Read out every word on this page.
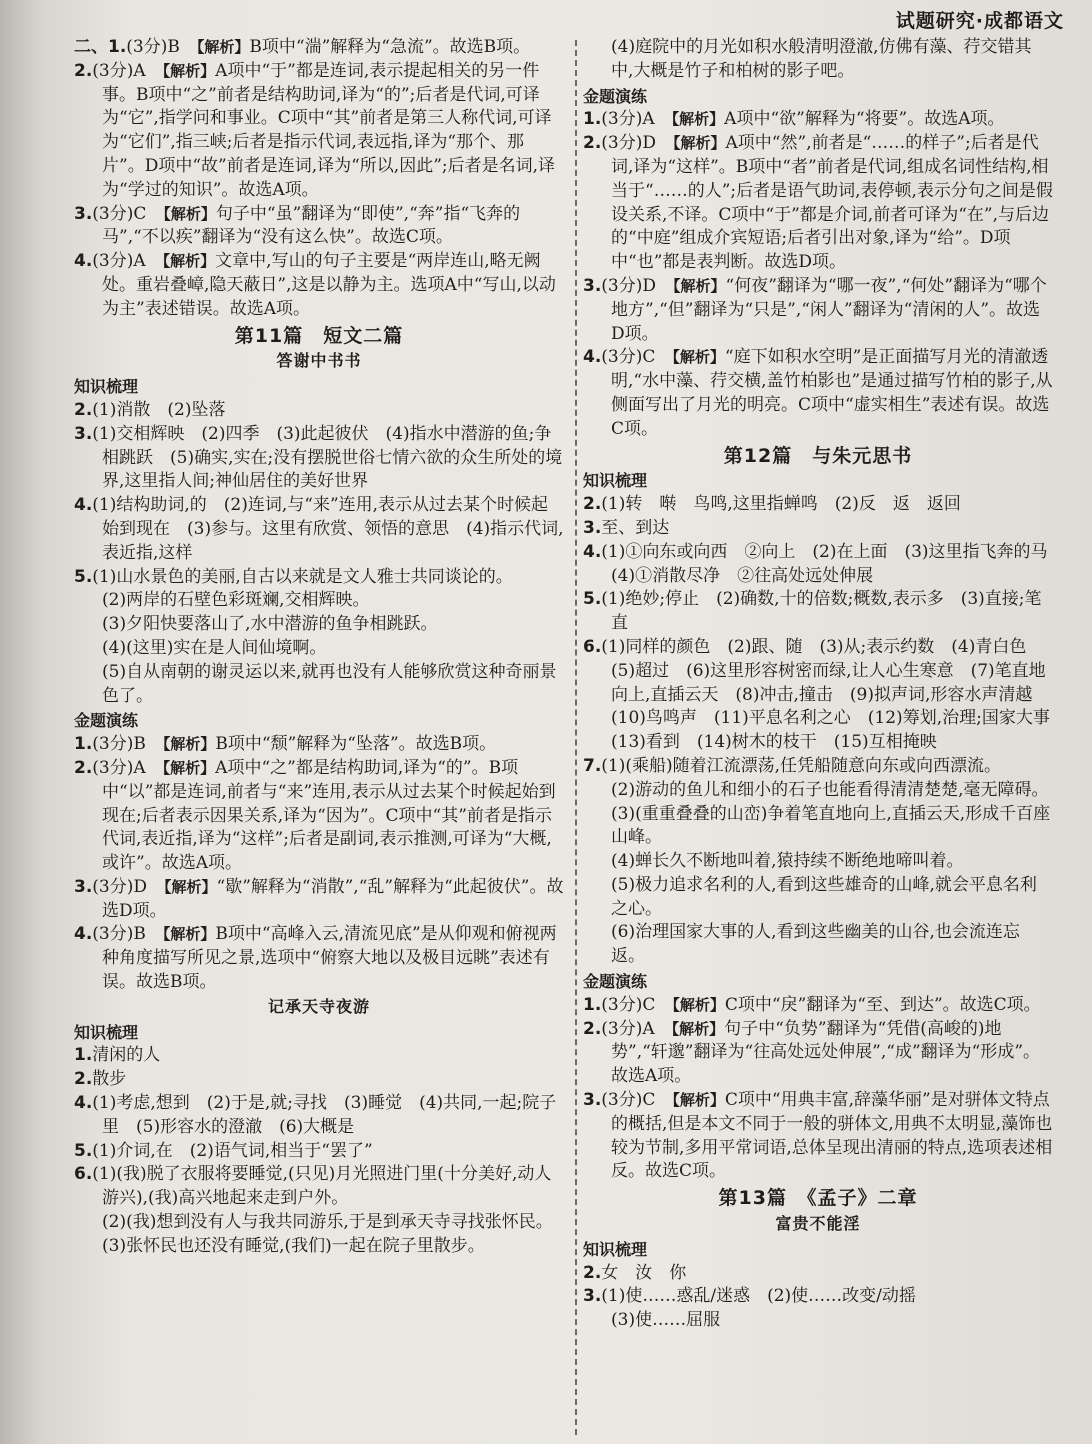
试题研究·成都语文

二、1.(3分)B　 【解析】B项中“湍”解释为“急流”。故选B项。

2.(3分)A　 【解析】A项中“于”都是连词,表示提起相关的另一件事。B项中“之”前者是结构助词,译为“的”;后者是代词,可译为“它”,指学问和事业。C项中“其”前者是第三人称代词,可译为“它们”,指三峡;后者是指示代词,表远指,译为“那个、那片”。D项中“故”前者是连词,译为“所以,因此”;后者是名词,译为“学过的知识”。故选A项。

3.(3分)C　 【解析】句子中“虽”翻译为“即使”,“奔”指“飞奔的马”,“不以疾”翻译为“没有这么快”。故选C项。

4.(3分)A　 【解析】文章中,写山的句子主要是“两岸连山,略无阙处。重岩叠嶂,隐天蔽日”,这是以静为主。选项A中“写山,以动为主”表述错误。故选A项。

第11篇　短文二篇
答谢中书书
知识梳理

2.(1)消散　(2)坠落

3.(1)交相辉映　(2)四季　(3)此起彼伏　(4)指水中潜游的鱼;争相跳跃　(5)确实,实在;没有摆脱世俗七情六欲的众生所处的境界,这里指人间;神仙居住的美好世界

4.(1)结构助词,的　(2)连词,与“来”连用,表示从过去某个时候起始到现在　(3)参与。这里有欣赏、领悟的意思　(4)指示代词,表近指,这样

5.(1)山水景色的美丽,自古以来就是文人雅士共同谈论的。

(2)两岸的石壁色彩斑斓,交相辉映。

(3)夕阳快要落山了,水中潜游的鱼争相跳跃。

(4)(这里)实在是人间仙境啊。

(5)自从南朝的谢灵运以来,就再也没有人能够欣赏这种奇丽景色了。

金题演练

1.(3分)B　 【解析】B项中“颓”解释为“坠落”。故选B项。

2.(3分)A　 【解析】A项中“之”都是结构助词,译为“的”。B项中“以”都是连词,前者与“来”连用,表示从过去某个时候起始到现在;后者表示因果关系,译为“因为”。C项中“其”前者是指示代词,表近指,译为“这样”;后者是副词,表示推测,可译为“大概,或许”。故选A项。

3.(3分)D　 【解析】“歇”解释为“消散”,“乱”解释为“此起彼伏”。故选D项。

4.(3分)B　 【解析】B项中“高峰入云,清流见底”是从仰观和俯视两种角度描写所见之景,选项中“俯察大地以及极目远眺”表述有误。故选B项。

记承天寺夜游
知识梳理

1.清闲的人

2.散步

4.(1)考虑,想到　(2)于是,就;寻找　(3)睡觉　(4)共同,一起;院子里　(5)形容水的澄澈　(6)大概是

5.(1)介词,在　(2)语气词,相当于“罢了”

6.(1)(我)脱了衣服将要睡觉,(只见)月光照进门里(十分美好,动人游兴),(我)高兴地起来走到户外。

(2)(我)想到没有人与我共同游乐,于是到承天寺寻找张怀民。

(3)张怀民也还没有睡觉,(我们)一起在院子里散步。

(4)庭院中的月光如积水般清明澄澈,仿佛有藻、荇交错其中,大概是竹子和柏树的影子吧。

金题演练

1.(3分)A　 【解析】A项中“欲”解释为“将要”。故选A项。

2.(3分)D　 【解析】A项中“然”,前者是“……的样子”;后者是代词,译为“这样”。B项中“者”前者是代词,组成名词性结构,相当于“……的人”;后者是语气助词,表停顿,表示分句之间是假设关系,不译。C项中“于”都是介词,前者可译为“在”,与后边的“中庭”组成介宾短语;后者引出对象,译为“给”。D项中“也”都是表判断。故选D项。

3.(3分)D　 【解析】“何夜”翻译为“哪一夜”,“何处”翻译为“哪个地方”,“但”翻译为“只是”,“闲人”翻译为“清闲的人”。故选D项。

4.(3分)C　 【解析】“庭下如积水空明”是正面描写月光的清澈透明,“水中藻、荇交横,盖竹柏影也”是通过描写竹柏的影子,从侧面写出了月光的明亮。C项中“虚实相生”表述有误。故选C项。

第12篇　与朱元思书
知识梳理

2.(1)转　啭　鸟鸣,这里指蝉鸣　(2)反　返　返回

3.至、到达

4.(1)①向东或向西　②向上　(2)在上面　(3)这里指飞奔的马　(4)①消散尽净　②往高处远处伸展

5.(1)绝妙;停止　(2)确数,十的倍数;概数,表示多　(3)直接;笔直

6.(1)同样的颜色　(2)跟、随　(3)从;表示约数　(4)青白色　(5)超过　(6)这里形容树密而绿,让人心生寒意　(7)笔直地向上,直插云天　(8)冲击,撞击　(9)拟声词,形容水声清越　(10)鸟鸣声　(11)平息名利之心　(12)筹划,治理;国家大事　(13)看到　(14)树木的枝干　(15)互相掩映

7.(1)(乘船)随着江流漂荡,任凭船随意向东或向西漂流。

(2)游动的鱼儿和细小的石子也能看得清清楚楚,毫无障碍。

(3)(重重叠叠的山峦)争着笔直地向上,直插云天,形成千百座山峰。

(4)蝉长久不断地叫着,猿持续不断绝地啼叫着。

(5)极力追求名利的人,看到这些雄奇的山峰,就会平息名利之心。

(6)治理国家大事的人,看到这些幽美的山谷,也会流连忘返。

金题演练

1.(3分)C　 【解析】C项中“戾”翻译为“至、到达”。故选C项。

2.(3分)A　 【解析】句子中“负势”翻译为“凭借(高峻的)地势”,“轩邈”翻译为“往高处远处伸展”,“成”翻译为“形成”。故选A项。

3.(3分)C　 【解析】C项中“用典丰富,辞藻华丽”是对骈体文特点的概括,但是本文不同于一般的骈体文,用典不太明显,藻饰也较为节制,多用平常词语,总体呈现出清丽的特点,选项表述相反。故选C项。

第13篇　《孟子》二章
富贵不能淫
知识梳理

2.女　汝　你

3.(1)使……惑乱/迷惑　(2)使……改变/动摇

(3)使……屈服
